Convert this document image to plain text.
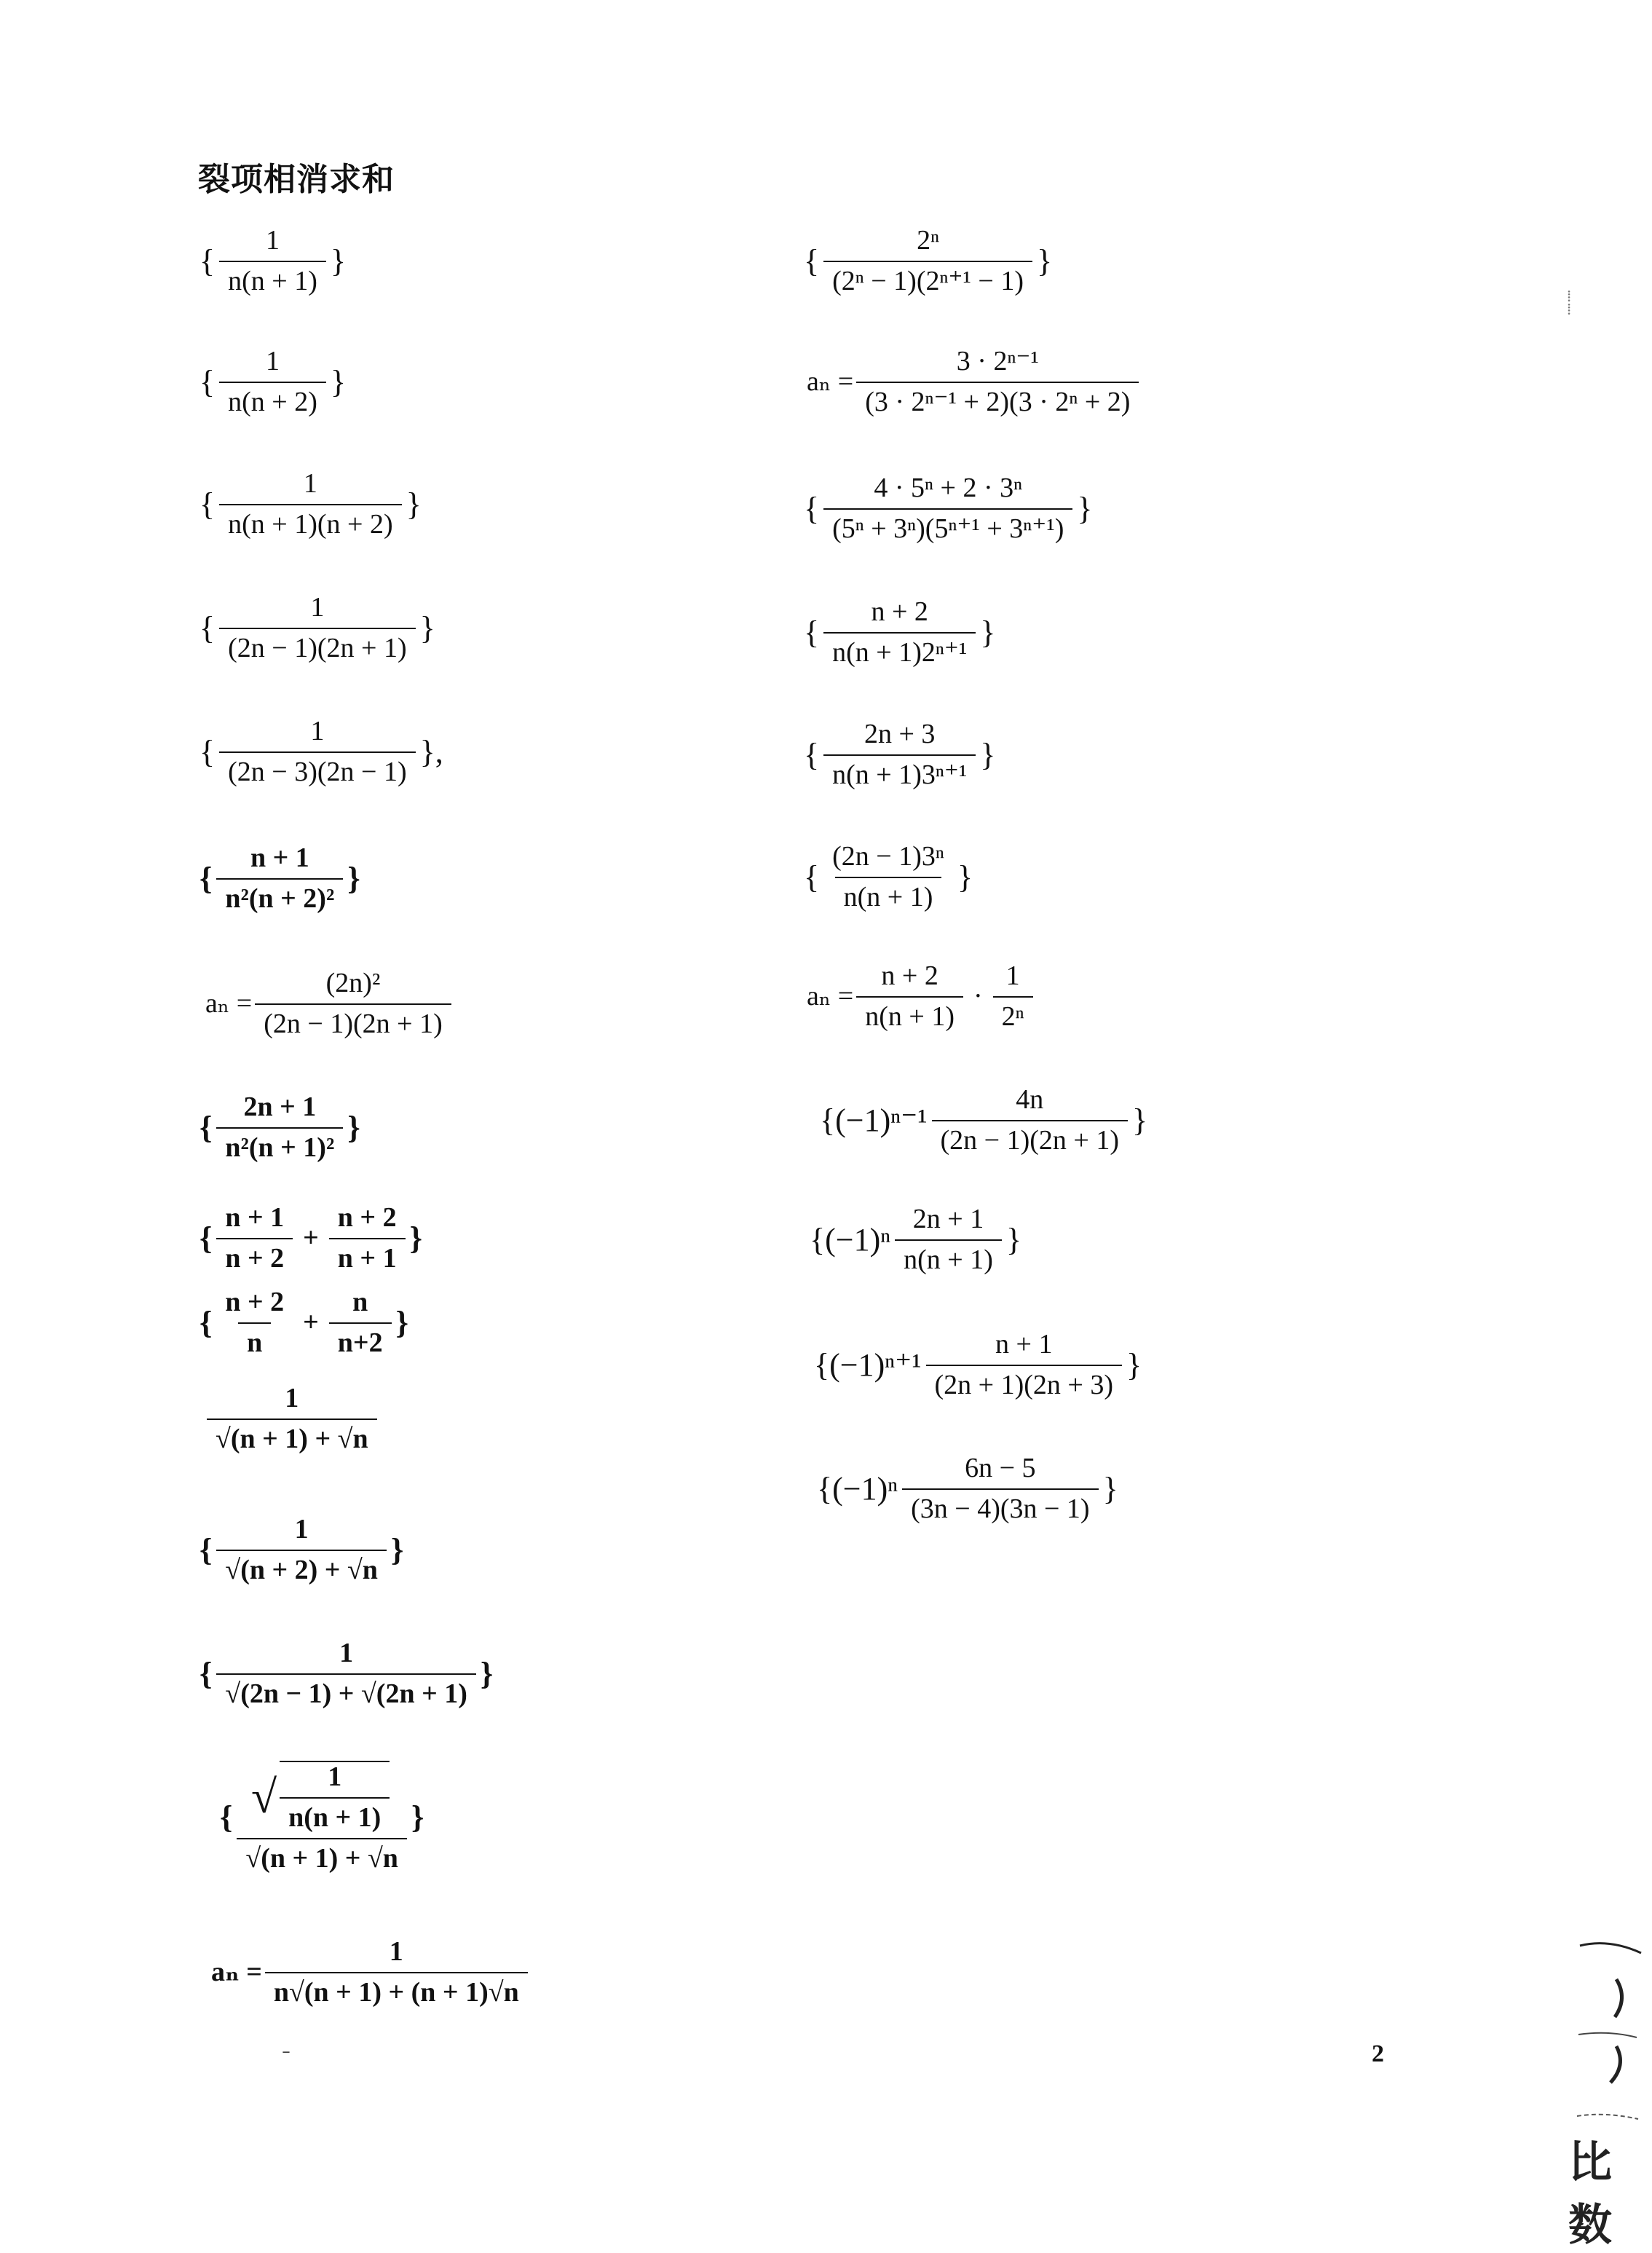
裂项相消求和
{ $\frac{1}{n(n + 1)}$ }
{ $\frac{1}{n(n + 2)}$ }
{ $\frac{1}{n(n + 1)(n + 2)}$ }
{ $\frac{1}{(2n - 1)(2n + 1)}$ }
{ $\frac{1}{(2n - 3)(2n - 1)}$ },
{ $\frac{n + 1}{\text{n²(n + 2)²}}$ }
$a_n = \frac{\text{(2n)²}}{(2n - 1)(2n + 1)}$
{ $\frac{2n + 1}{\text{n²(n + 1)²}}$ }
{ $\frac{n + 1}{n + 2} + \frac{n + 2}{n + 1}$ }
{ $\frac{n + 2}{n} + \frac{n}{n+2}$ }
$\frac{1}{√(n + 1) + √n}$
{ $\frac{1}{√(n + 2) + √n}$ }
{ $\frac{1}{√(2n - 1) + √(2n + 1)}$ }
{ $\frac{√ \frac{1}{n(n + 1)}}{√(n + 1) + √n}$ }
$a_n = \frac{1}{n√(n + 1) + (n + 1)√n}$
{ $\frac{\text{2ⁿ}}{\text{(2ⁿ − 1)(2ⁿ⁺¹ − 1)}}$ }
$a_n = \frac{\text{3 · 2ⁿ⁻¹}}{\text{(3 · 2ⁿ⁻¹ + 2)(3 · 2ⁿ + 2)}}$
{ $\frac{\text{4 · 5ⁿ + 2 · 3ⁿ}}{\text{(5ⁿ + 3ⁿ)(5ⁿ⁺¹ + 3ⁿ⁺¹)}}$ }
{ $\frac{n + 2}{\text{n(n + 1)2ⁿ⁺¹}}$ }
{ $\frac{2n + 3}{\text{n(n + 1)3ⁿ⁺¹}}$ }
{ $\frac{\text{(2n − 1)3ⁿ}}{n(n + 1)}$ }
$a_n = \frac{n + 2}{n(n + 1)} \cdot \frac{1}{\text{2ⁿ}}$
{$(-1)^{n-1} \frac{4n}{(2n - 1)(2n + 1)}$ }
{$(-1)^n \frac{2n + 1}{n(n + 1)}$ }
{$(-1)^{n+1} \frac{n + 1}{(2n + 1)(2n + 3)}$ }
{$(-1)^n \frac{6n - 5}{(3n - 4)(3n - 1)}$ }
2
⁞
⁞
˗
比数
